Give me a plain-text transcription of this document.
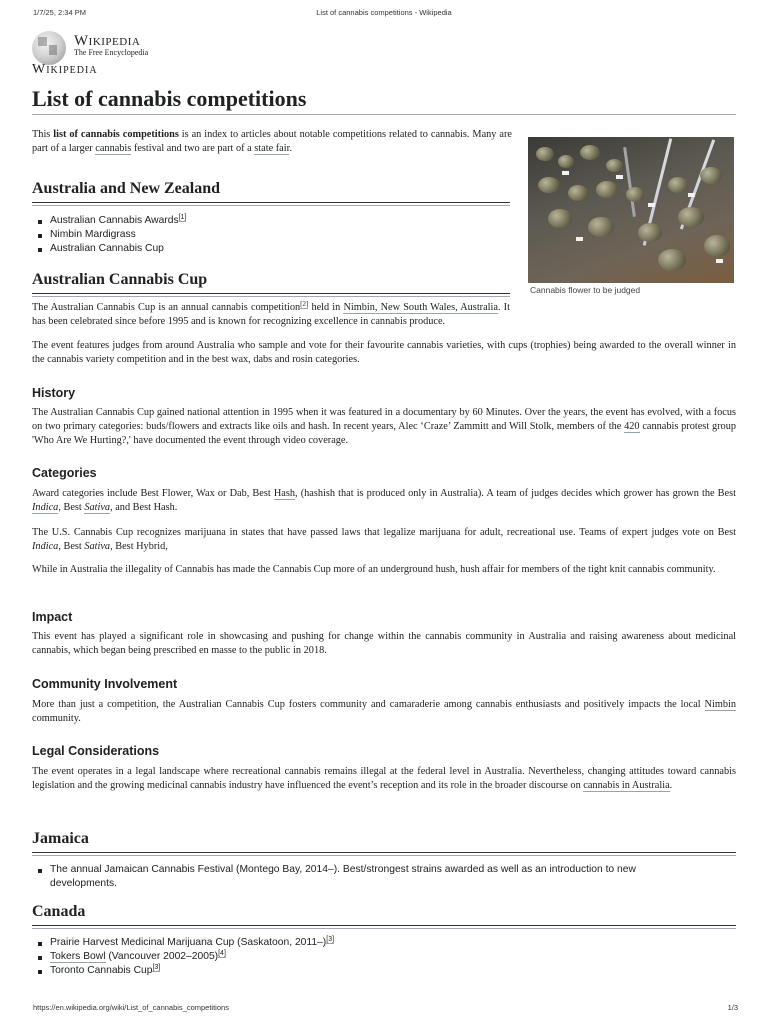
1/7/25, 2:34 PM	List of cannabis competitions - Wikipedia
Wikipedia
The Free Encyclopedia
Wikipedia
List of cannabis competitions

This list of cannabis competitions is an index to articles about notable competitions related to cannabis. Many are part of a larger cannabis festival and two are part of a state fair.

Cannabis flower to be judged
Australia and New Zealand
Australian Cannabis Awards[1]
Nimbin Mardigrass
Australian Cannabis Cup
Australian Cannabis Cup

The Australian Cannabis Cup is an annual cannabis competition[2] held in Nimbin, New South Wales, Australia. It has been celebrated since before 1995 and is known for recognizing excellence in cannabis produce.

The event features judges from around Australia who sample and vote for their favourite cannabis varieties, with cups (trophies) being awarded to the overall winner in the cannabis variety competition and in the best wax, dabs and rosin categories.

History

The Australian Cannabis Cup gained national attention in 1995 when it was featured in a documentary by 60 Minutes. Over the years, the event has evolved, with a focus on two primary categories: buds/flowers and extracts like oils and hash. In recent years, Alec ‘Craze’ Zammitt and Will Stolk, members of the 420 cannabis protest group 'Who Are We Hurting?,' have documented the event through video coverage.

Categories

Award categories include Best Flower, Wax or Dab, Best Hash, (hashish that is produced only in Australia). A team of judges decides which grower has grown the Best Indica, Best Sativa, and Best Hash.

The U.S. Cannabis Cup recognizes marijuana in states that have passed laws that legalize marijuana for adult, recreational use. Teams of expert judges vote on Best Indica, Best Sativa, Best Hybrid,

While in Australia the illegality of Cannabis has made the Cannabis Cup more of an underground hush, hush affair for members of the tight knit cannabis community.

Impact

This event has played a significant role in showcasing and pushing for change within the cannabis community in Australia and raising awareness about medicinal cannabis, which began being prescribed en masse to the public in 2018.

Community Involvement

More than just a competition, the Australian Cannabis Cup fosters community and camaraderie among cannabis enthusiasts and positively impacts the local Nimbin community.

Legal Considerations

The event operates in a legal landscape where recreational cannabis remains illegal at the federal level in Australia. Nevertheless, changing attitudes toward cannabis legislation and the growing medicinal cannabis industry have influenced the event’s reception and its role in the broader discourse on cannabis in Australia.

Jamaica
The annual Jamaican Cannabis Festival (Montego Bay, 2014–). Best/strongest strains awarded as well as an introduction to new developments.
Canada
Prairie Harvest Medicinal Marijuana Cup (Saskatoon, 2011–)[3]
Tokers Bowl (Vancouver 2002–2005)[4]
Toronto Cannabis Cup[3]
https://en.wikipedia.org/wiki/List_of_cannabis_competitions	1/3
